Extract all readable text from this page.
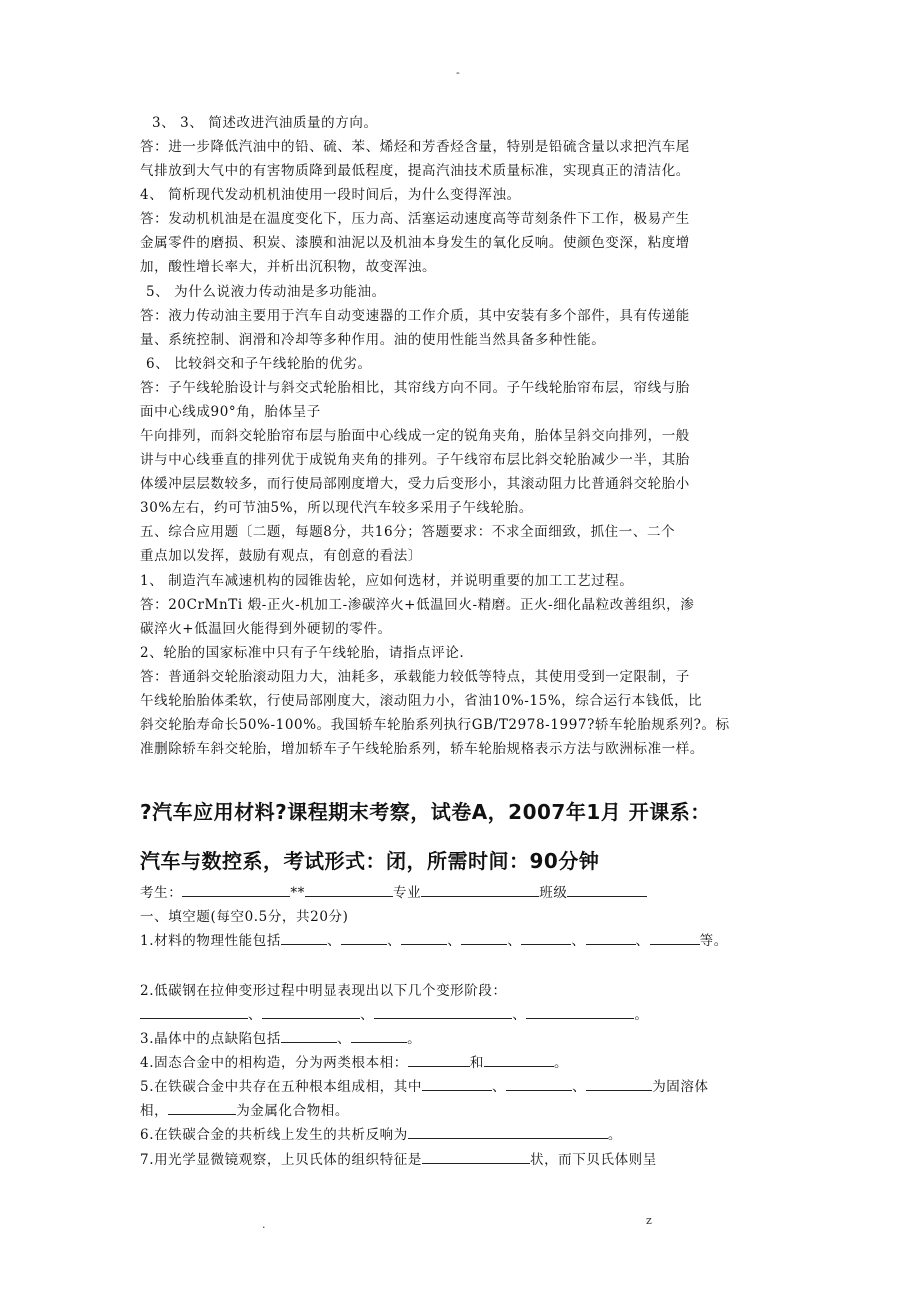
-
3、 3、 简述改进汽油质量的方向。
答：进一步降低汽油中的铅、硫、苯、烯烃和芳香烃含量，特别是铅硫含量以求把汽车尾
气排放到大气中的有害物质降到最低程度，提高汽油技术质量标准，实现真正的清洁化。
4、 简析现代发动机机油使用一段时间后，为什么变得浑浊。
答：发动机机油是在温度变化下，压力高、活塞运动速度高等苛刻条件下工作，极易产生
金属零件的磨损、积炭、漆膜和油泥以及机油本身发生的氧化反响。使颜色变深，粘度增
加，酸性增长率大，并析出沉积物，故变浑浊。
5、 为什么说液力传动油是多功能油。
答：液力传动油主要用于汽车自动变速器的工作介质，其中安装有多个部件，具有传递能
量、系统控制、润滑和冷却等多种作用。油的使用性能当然具备多种性能。
6、 比较斜交和子午线轮胎的优劣。
答：子午线轮胎设计与斜交式轮胎相比，其帘线方向不同。子午线轮胎帘布层，帘线与胎
面中心线成90°角，胎体呈子
午向排列，而斜交轮胎帘布层与胎面中心线成一定的锐角夹角，胎体呈斜交向排列，一般
讲与中心线垂直的排列优于成锐角夹角的排列。子午线帘布层比斜交轮胎减少一半，其胎
体缓冲层层数较多，而行使局部刚度增大，受力后变形小，其滚动阻力比普通斜交轮胎小
30%左右，约可节油5%，所以现代汽车较多采用子午线轮胎。
五、综合应用题〔二题，每题8分，共16分；答题要求：不求全面细致，抓住一、二个
重点加以发挥，鼓励有观点，有创意的看法〕
1、 制造汽车减速机构的园锥齿轮，应如何选材，并说明重要的加工工艺过程。
答：20CrMnTi 煅-正火-机加工-渗碳淬火+低温回火-精磨。正火-细化晶粒改善组织，渗
碳淬火+低温回火能得到外硬韧的零件。
2、轮胎的国家标准中只有子午线轮胎，请指点评论.
答：普通斜交轮胎滚动阻力大，油耗多，承载能力较低等特点，其使用受到一定限制，子
午线轮胎胎体柔软，行使局部刚度大，滚动阻力小，省油10%-15%，综合运行本钱低，比
斜交轮胎寿命长50%-100%。我国轿车轮胎系列执行GB/T2978-1997?轿车轮胎规系列?。标
准删除轿车斜交轮胎，增加轿车子午线轮胎系列，轿车轮胎规格表示方法与欧洲标准一样。
?汽车应用材料?课程期末考察，试卷A，2007年1月 开课系：
汽车与数控系，考试形式：闭，所需时间：90分钟
考生：	**	专业	班级
一、填空题(每空0.5分，共20分)
1.材料的物理性能包括	、	、	、	、	、	、	等。
2.低碳钢在拉伸变形过程中明显表现出以下几个变形阶段：
、	、	、	。
3.晶体中的点缺陷包括	、	。
4.固态合金中的相构造，分为两类根本相：	和	。
5.在铁碳合金中共存在五种根本组成相，其中	、	、	为固溶体
相，	为金属化合物相。
6.在铁碳合金的共析线上发生的共析反响为	。
7.用光学显微镜观察，上贝氏体的组织特征是	状，而下贝氏体则呈
.	z
